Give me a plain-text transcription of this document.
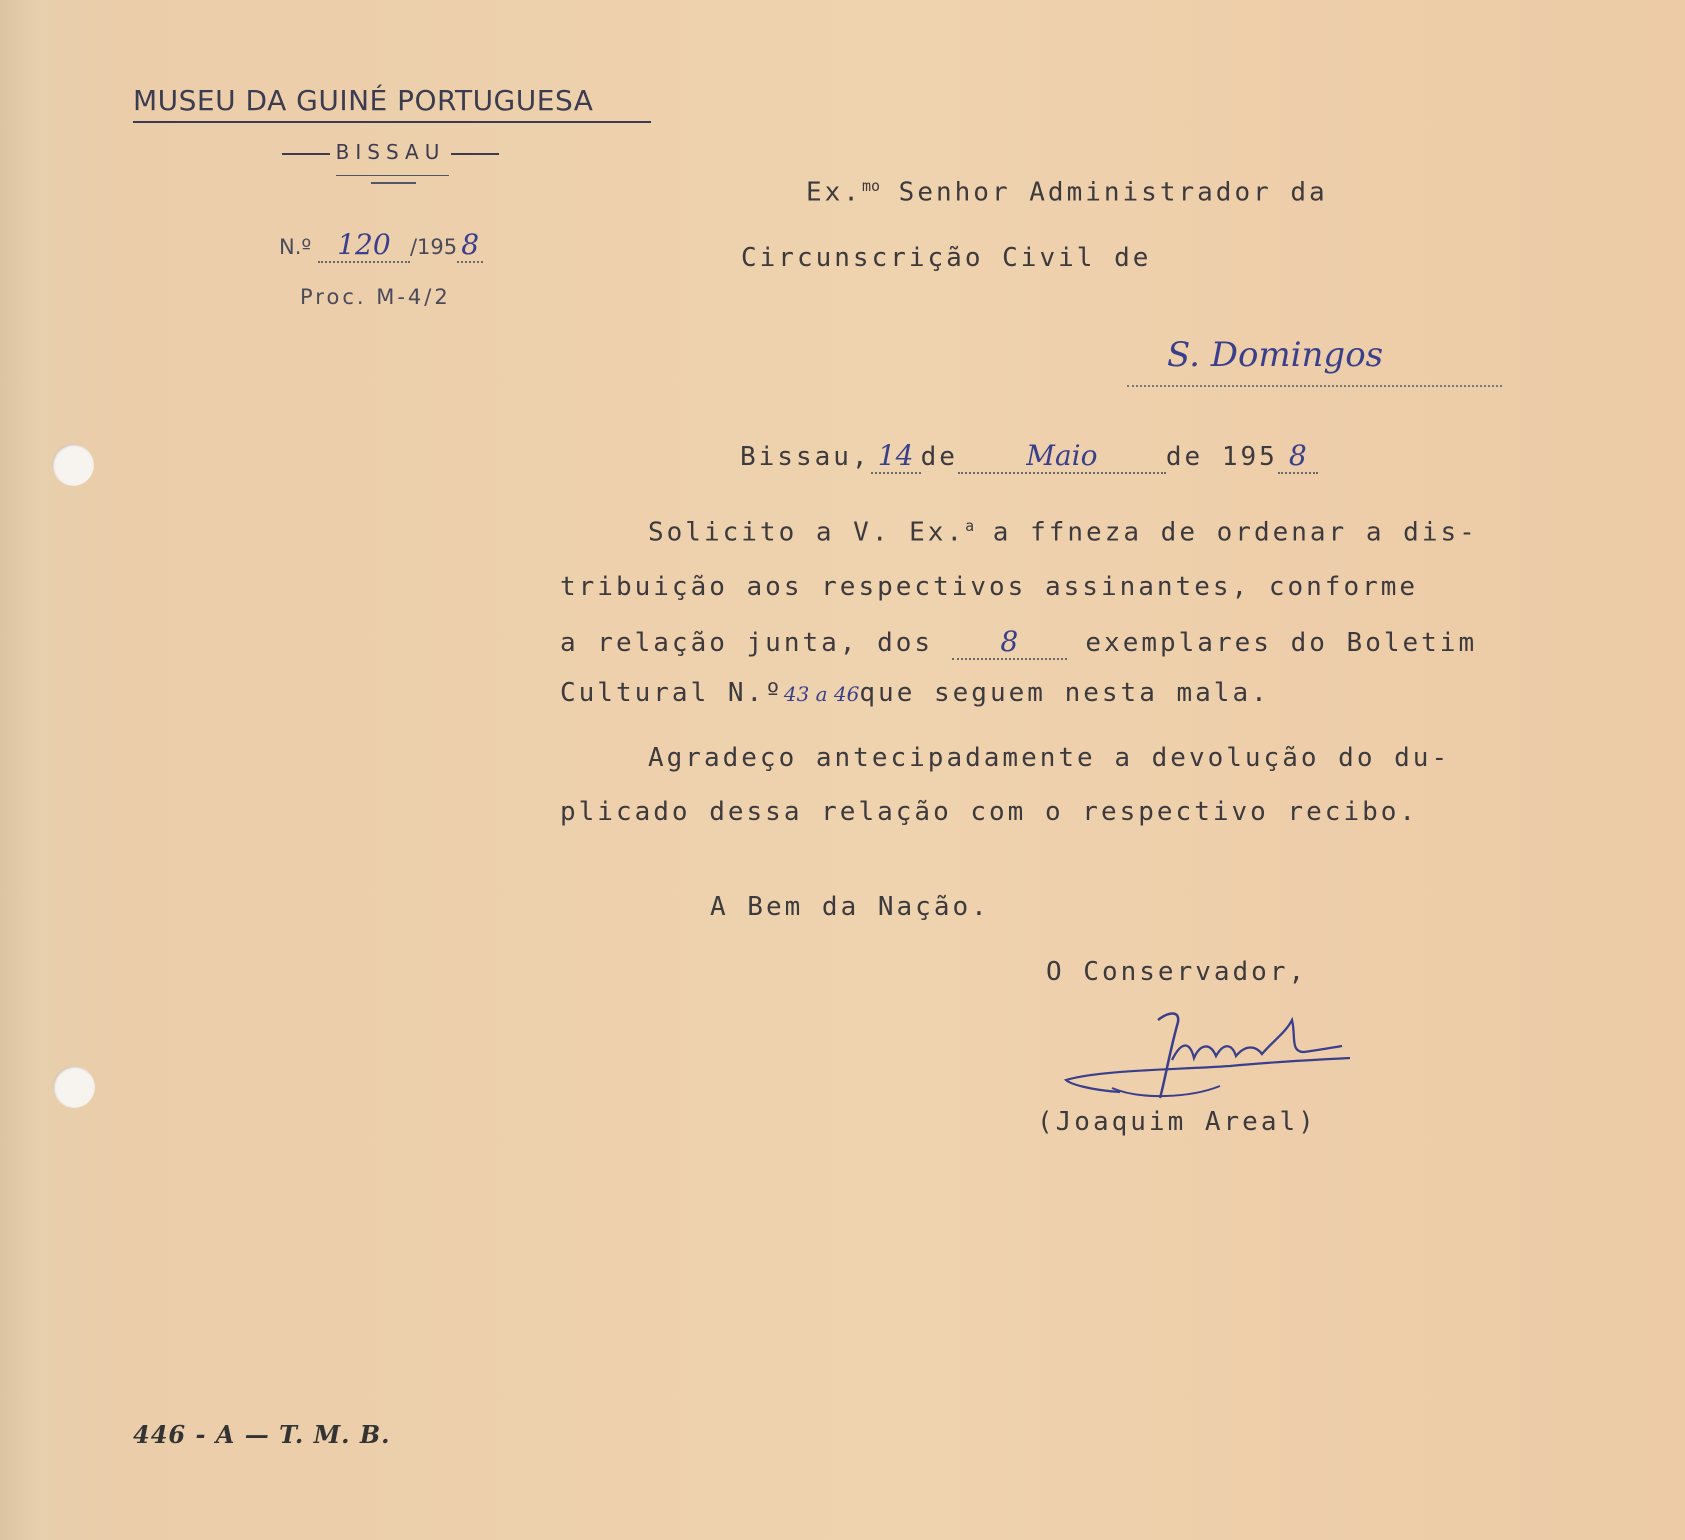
MUSEU DA GUINÉ PORTUGUESA
BISSAU
N.º 120 /195 8
Proc. M-4/2
Ex.$^{mo}$ Senhor Administrador da
Circunscrição Civil de
S. Domingos
Bissau, 14 de Maio	de 195 8
Solicito a V. Ex.$^a$ a ffneza de ordenar a dis-
tribuição aos respectivos assinantes, conforme
a relação junta, dos 8 exemplares do Boletim
Cultural N.º43 a 46que seguem nesta mala.
Agradeço antecipadamente a devolução do du-
plicado dessa relação com o respectivo recibo.
A Bem da Nação.
O Conservador,
(Joaquim Areal)
446 - A — T. M. B.
